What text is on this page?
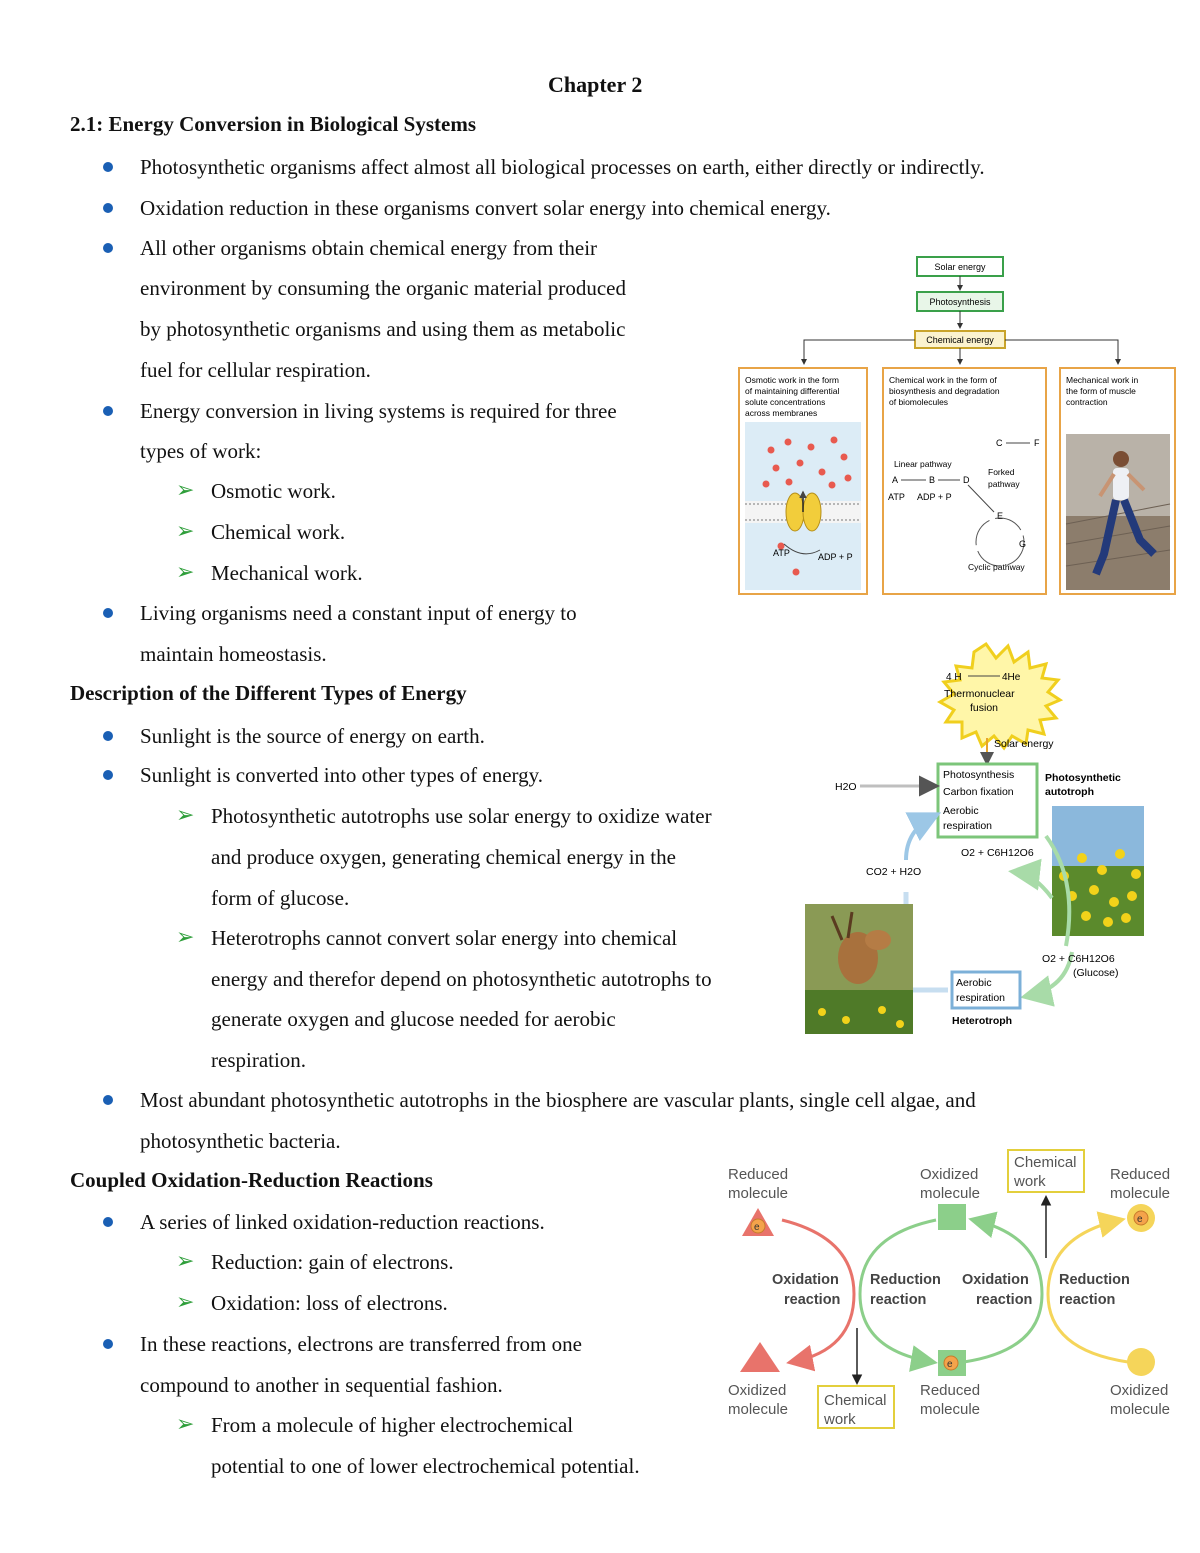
Chapter 2
2.1: Energy Conversion in Biological Systems
Photosynthetic organisms affect almost all biological processes on earth, either directly or indirectly.
Oxidation reduction in these organisms convert solar energy into chemical energy.
All other organisms obtain chemical energy from their
environment by consuming the organic material produced
by photosynthetic organisms and using them as metabolic
fuel for cellular respiration.
Energy conversion in living systems is required for three
types of work:
➢ Osmotic work.
➢ Chemical work.
➢ Mechanical work.
Living organisms need a constant input of energy to
maintain homeostasis.
Description of the Different Types of Energy
Sunlight is the source of energy on earth.
Sunlight is converted into other types of energy.
➢ Photosynthetic autotrophs use solar energy to oxidize water
and produce oxygen, generating chemical energy in the
form of glucose.
➢ Heterotrophs cannot convert solar energy into chemical
energy and therefor depend on photosynthetic autotrophs to
generate oxygen and glucose needed for aerobic
respiration.
Most abundant photosynthetic autotrophs in the biosphere are vascular plants, single cell algae, and
photosynthetic bacteria.
Coupled Oxidation-Reduction Reactions
A series of linked oxidation-reduction reactions.
➢ Reduction: gain of electrons.
➢ Oxidation: loss of electrons.
In these reactions, electrons are transferred from one
compound to another in sequential fashion.
➢ From a molecule of higher electrochemical
potential to one of lower electrochemical potential.
Solar energy
Photosynthesis
Chemical energy
Osmotic work in the form
of maintaining differential
solute concentrations
across membranes
ATP	ADP + P
Chemical work in the form of
biosynthesis and degradation
of biomolecules
C	F
Linear pathway
A	B	D
Forked
pathway
ATP ADP + P
E
G
Cyclic pathway
Mechanical work in
the form of muscle
contraction
4 H	4He
Thermonuclear
fusion
Solar energy
Photosynthesis
Carbon fixation
Aerobic
respiration
Photosynthetic
autotroph
H2O
O2 + C6H12O6
O2 + C6H12O6
(Glucose)
Aerobic
respiration
Heterotroph
CO2 + H2O
Reduced
molecule
Oxidized
molecule
Reduced
molecule
Oxidized
molecule
Reduced
molecule
Oxidized
molecule
Chemical
work
Chemical
work
e
e
e
Oxidation
reaction
Reduction
reaction
Oxidation
reaction
Reduction
reaction
